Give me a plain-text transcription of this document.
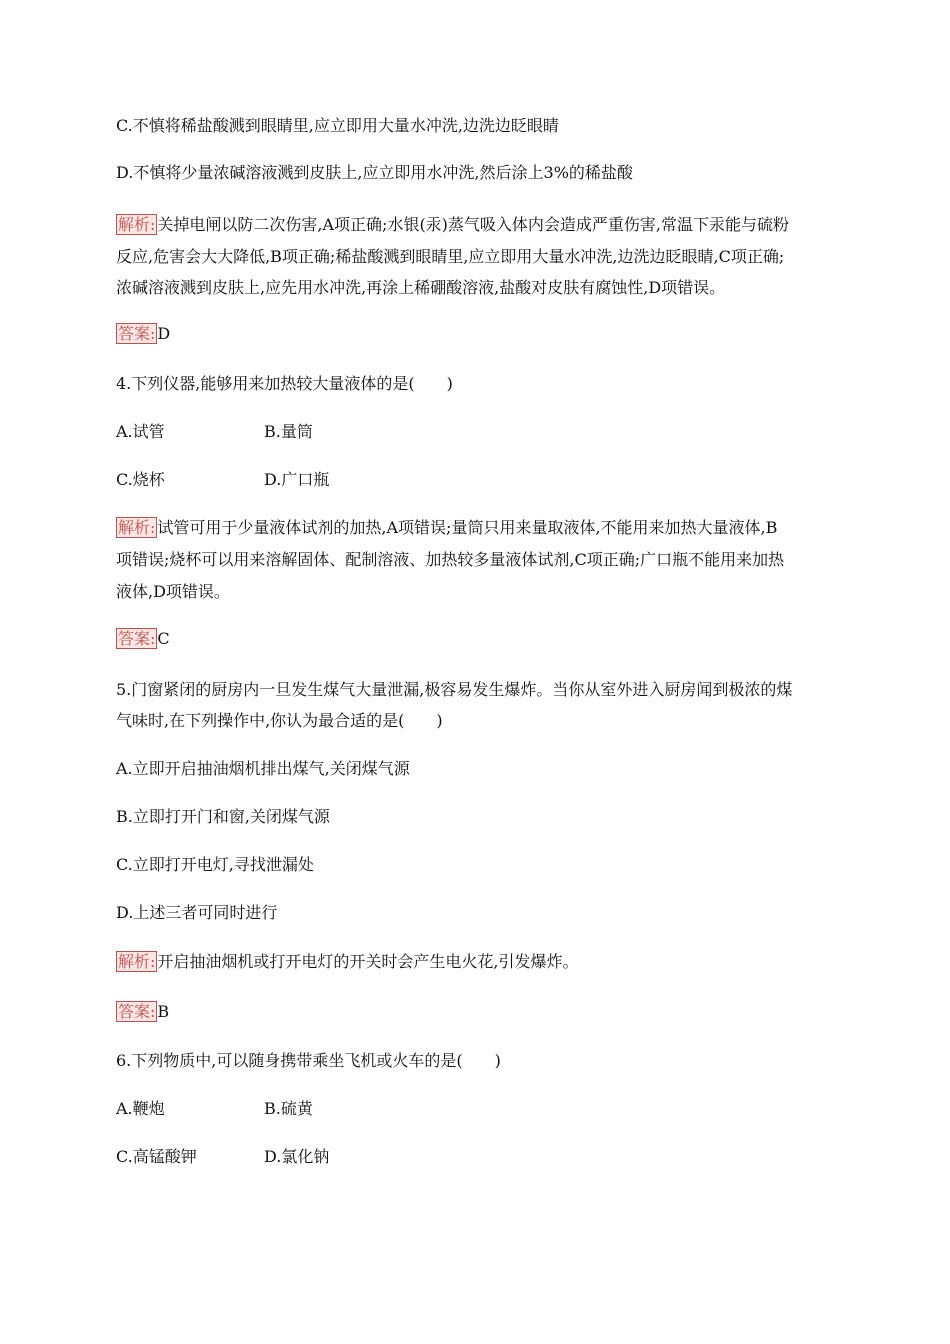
C.不慎将稀盐酸溅到眼睛里,应立即用大量水冲洗,边洗边眨眼睛
D.不慎将少量浓碱溶液溅到皮肤上,应立即用水冲洗,然后涂上3%的稀盐酸
解析: 关掉电闸以防二次伤害,A项正确;水银(汞)蒸气吸入体内会造成严重伤害,常温下汞能与硫粉
反应,危害会大大降低,B项正确;稀盐酸溅到眼睛里,应立即用大量水冲洗,边洗边眨眼睛,C项正确;
浓碱溶液溅到皮肤上,应先用水冲洗,再涂上稀硼酸溶液,盐酸对皮肤有腐蚀性,D项错误。
答案: D
4.下列仪器,能够用来加热较大量液体的是(　　)
A.试管	B.量筒
C.烧杯	D.广口瓶
解析: 试管可用于少量液体试剂的加热,A项错误;量筒只用来量取液体,不能用来加热大量液体,B
项错误;烧杯可以用来溶解固体、配制溶液、加热较多量液体试剂,C项正确;广口瓶不能用来加热
液体,D项错误。
答案: C
5.门窗紧闭的厨房内一旦发生煤气大量泄漏,极容易发生爆炸。当你从室外进入厨房闻到极浓的煤
气味时,在下列操作中,你认为最合适的是(　　)
A.立即开启抽油烟机排出煤气,关闭煤气源
B.立即打开门和窗,关闭煤气源
C.立即打开电灯,寻找泄漏处
D.上述三者可同时进行
解析: 开启抽油烟机或打开电灯的开关时会产生电火花,引发爆炸。
答案: B
6.下列物质中,可以随身携带乘坐飞机或火车的是(　　)
A.鞭炮	B.硫黄
C.高锰酸钾	D.氯化钠
